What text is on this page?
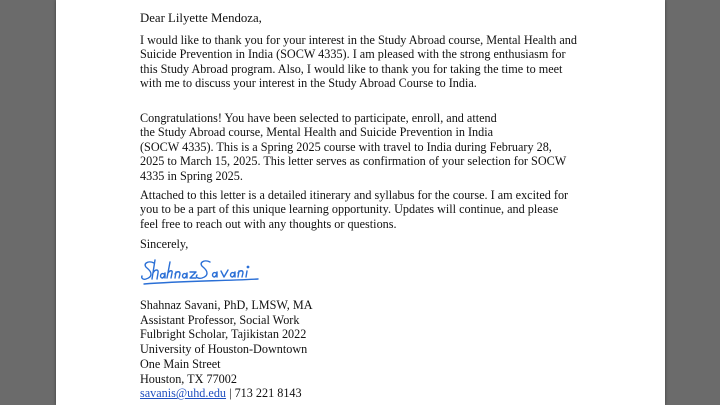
Dear Lilyette Mendoza,
I would like to thank you for your interest in the Study Abroad course, Mental Health and
Suicide Prevention in India (SOCW 4335). I am pleased with the strong enthusiasm for
this Study Abroad program. Also, I would like to thank you for taking the time to meet
with me to discuss your interest in the Study Abroad Course to India.
Congratulations! You have been selected to participate, enroll, and attend
the Study Abroad course, Mental Health and Suicide Prevention in India
(SOCW 4335). This is a Spring 2025 course with travel to India during February 28,
2025 to March 15, 2025. This letter serves as confirmation of your selection for SOCW
4335 in Spring 2025.
Attached to this letter is a detailed itinerary and syllabus for the course. I am excited for
you to be a part of this unique learning opportunity. Updates will continue, and please
feel free to reach out with any thoughts or questions.
Sincerely,
Shahnaz Savani, PhD, LMSW, MA
Assistant Professor, Social Work
Fulbright Scholar, Tajikistan 2022
University of Houston-Downtown
One Main Street
Houston, TX 77002
savanis@uhd.edu | 713 221 8143
